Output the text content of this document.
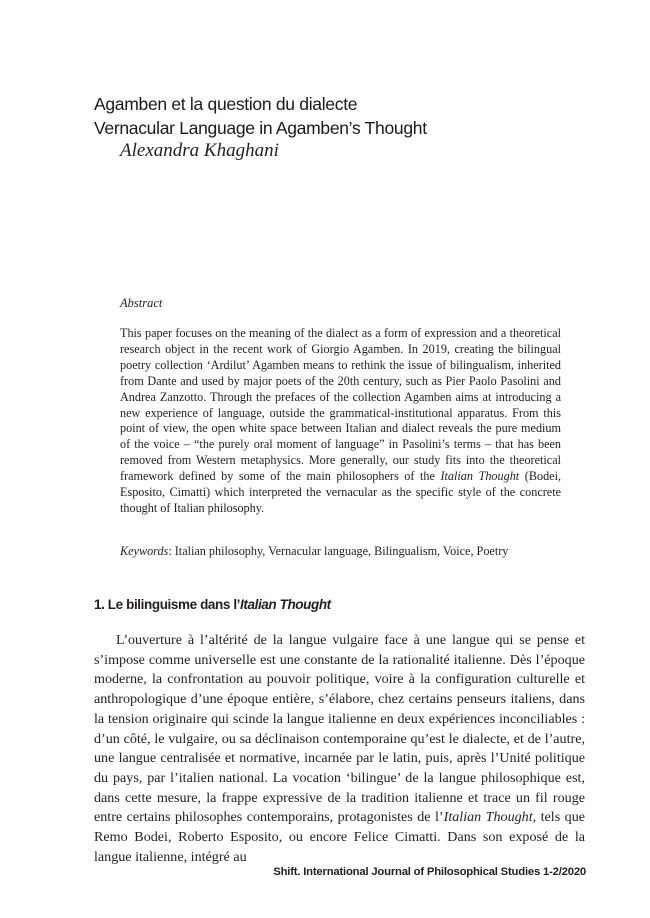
Agamben et la question du dialecte
Vernacular Language in Agamben’s Thought
Alexandra Khaghani
Abstract

This paper focuses on the meaning of the dialect as a form of expression and a theoretical research object in the recent work of Giorgio Agamben. In 2019, creating the bilingual poetry collection ‘Ardilut’ Agamben means to rethink the issue of bilingualism, inherited from Dante and used by major poets of the 20th century, such as Pier Paolo Pasolini and Andrea Zanzotto. Through the prefaces of the collection Agamben aims at introducing a new experience of language, outside the grammatical-institutional apparatus. From this point of view, the open white space between Italian and dialect reveals the pure medium of the voice – “the purely oral moment of language” in Pasolini’s terms – that has been removed from Western metaphysics. More generally, our study fits into the theoretical framework defined by some of the main philosophers of the Italian Thought (Bodei, Esposito, Cimatti) which interpreted the vernacular as the specific style of the concrete thought of Italian philosophy.

Keywords: Italian philosophy, Vernacular language, Bilingualism, Voice, Poetry
1. Le bilinguisme dans l’Italian Thought

L’ouverture à l’altérité de la langue vulgaire face à une langue qui se pense et s’impose comme universelle est une constante de la rationalité italienne. Dès l’époque moderne, la confrontation au pouvoir politique, voire à la configuration culturelle et anthropologique d’une époque entière, s’élabore, chez certains penseurs italiens, dans la tension originaire qui scinde la langue italienne en deux expériences inconciliables : d’un côté, le vulgaire, ou sa déclinaison contemporaine qu’est le dialecte, et de l’autre, une langue centralisée et normative, incarnée par le latin, puis, après l’Unité politique du pays, par l’italien national. La vocation ‘bilingue’ de la langue philosophique est, dans cette mesure, la frappe expressive de la tradition italienne et trace un fil rouge entre certains philosophes contemporains, protagonistes de l’Italian Thought, tels que Remo Bodei, Roberto Esposito, ou encore Felice Cimatti. Dans son exposé de la langue italienne, intégré au

Shift. International Journal of Philosophical Studies 1-2/2020
